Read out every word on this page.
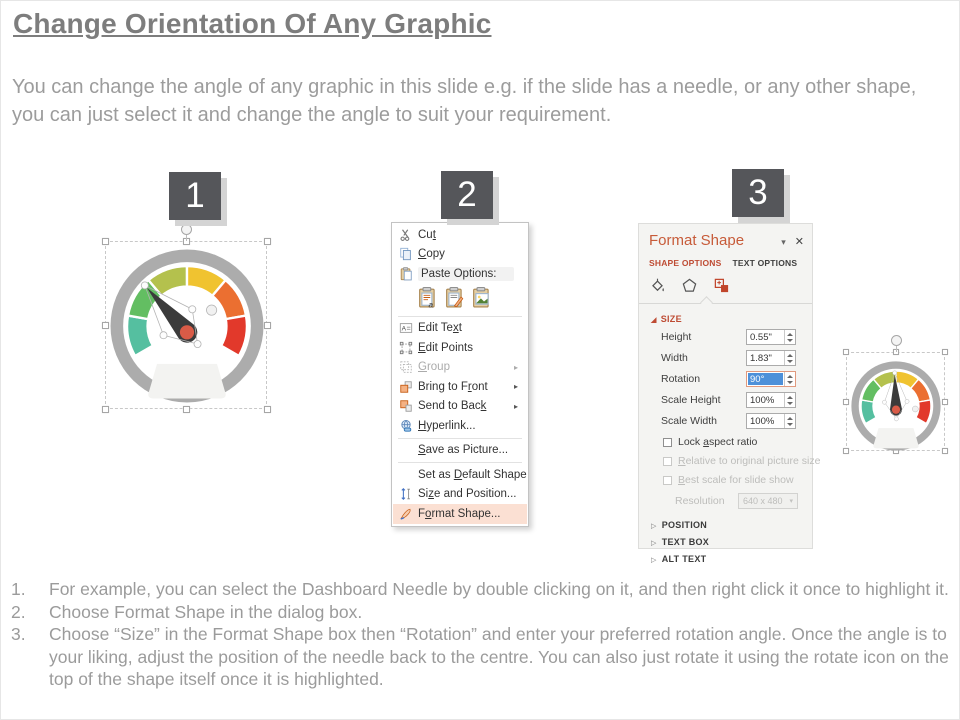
Change Orientation Of Any Graphic
You can change the angle of any graphic in this slide e.g. if the slide has a needle, or any other shape, you can just select it and change the angle to suit your requirement.
1	2	3
Cut
Copy
Paste Options:
a
A Edit Text
Edit Points
Group	▸
Bring to Front	▸
Send to Back	▸
Hyperlink...
Save as Picture...
Set as Default Shape
Size and Position...
Format Shape...
Format Shape	▾ ✕
SHAPE OPTIONS TEXT OPTIONS
◢ SIZE
Height	0.55"
Width	1.83"
Rotation	90°
Scale Height	100%
Scale Width	100%
Lock aspect ratio
Relative to original picture size
Best scale for slide show
Resolution	640 x 480 ▾
▷ POSITION
▷ TEXT BOX
▷ ALT TEXT
1.	For example, you can select the Dashboard Needle by double clicking on it, and then right click it once to highlight it.
2.	Choose Format Shape in the dialog box.
3.	Choose “Size” in the Format Shape box then “Rotation” and enter your preferred rotation angle. Once the angle is to your liking, adjust the position of the needle back to the centre. You can also just rotate it using the rotate icon on the top of the shape itself once it is highlighted.
